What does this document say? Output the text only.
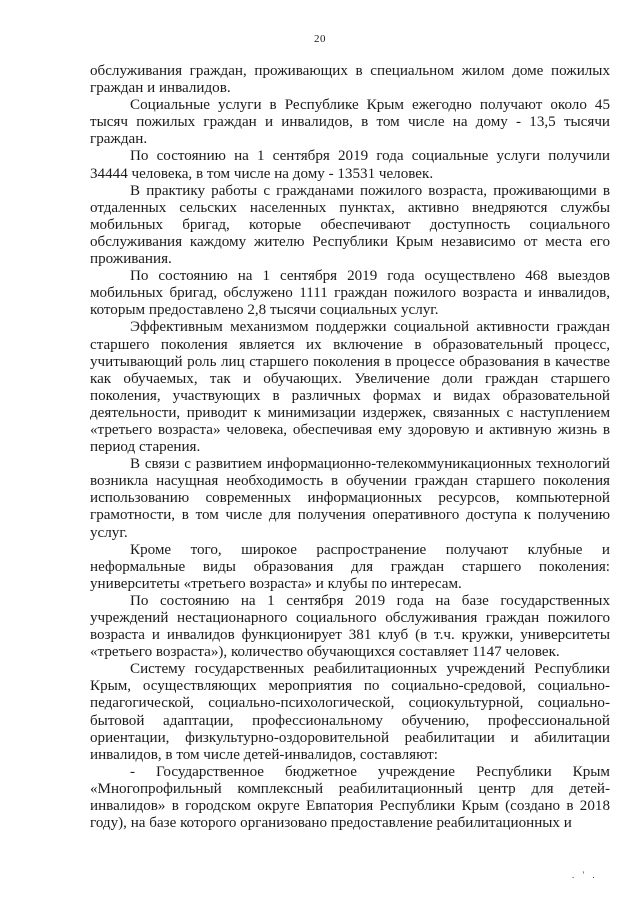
20

обслуживания граждан, проживающих в специальном жилом доме пожилых граждан и инвалидов.

Социальные услуги в Республике Крым ежегодно получают около 45 тысяч пожилых граждан и инвалидов, в том числе на дому - 13,5 тысячи граждан.

По состоянию на 1 сентября 2019 года социальные услуги получили 34444 человека, в том числе на дому - 13531 человек.

В практику работы с гражданами пожилого возраста, проживающими в отдаленных сельских населенных пунктах, активно внедряются службы мобильных бригад, которые обеспечивают доступность социального обслуживания каждому жителю Республики Крым независимо от места его проживания.

По состоянию на 1 сентября 2019 года осуществлено 468 выездов мобильных бригад, обслужено 1111 граждан пожилого возраста и инвалидов, которым предоставлено 2,8 тысячи социальных услуг.

Эффективным механизмом поддержки социальной активности граждан старшего поколения является их включение в образовательный процесс, учитывающий роль лиц старшего поколения в процессе образования в качестве как обучаемых, так и обучающих. Увеличение доли граждан старшего поколения, участвующих в различных формах и видах образовательной деятельности, приводит к минимизации издержек, связанных с наступлением «третьего возраста» человека, обеспечивая ему здоровую и активную жизнь в период старения.

В связи с развитием информационно-телекоммуникационных технологий возникла насущная необходимость в обучении граждан старшего поколения использованию современных информационных ресурсов, компьютерной грамотности, в том числе для получения оперативного доступа к получению услуг.

Кроме того, широкое распространение получают клубные и неформальные виды образования для граждан старшего поколения: университеты «третьего возраста» и клубы по интересам.

По состоянию на 1 сентября 2019 года на базе государственных учреждений нестационарного социального обслуживания граждан пожилого возраста и инвалидов функционирует 381 клуб (в т.ч. кружки, университеты «третьего возраста»), количество обучающихся составляет 1147 человек.

Систему государственных реабилитационных учреждений Республики Крым, осуществляющих мероприятия по социально-средовой, социально-педагогической, социально-психологической, социокультурной, социально-бытовой адаптации, профессиональному обучению, профессиональной ориентации, физкультурно-оздоровительной реабилитации и абилитации инвалидов, в том числе детей-инвалидов, составляют:

- Государственное бюджетное учреждение Республики Крым «Многопрофильный комплексный реабилитационный центр для детей-инвалидов» в городском округе Евпатория Республики Крым (создано в 2018 году), на базе которого организовано предоставление реабилитационных и

. ' .
